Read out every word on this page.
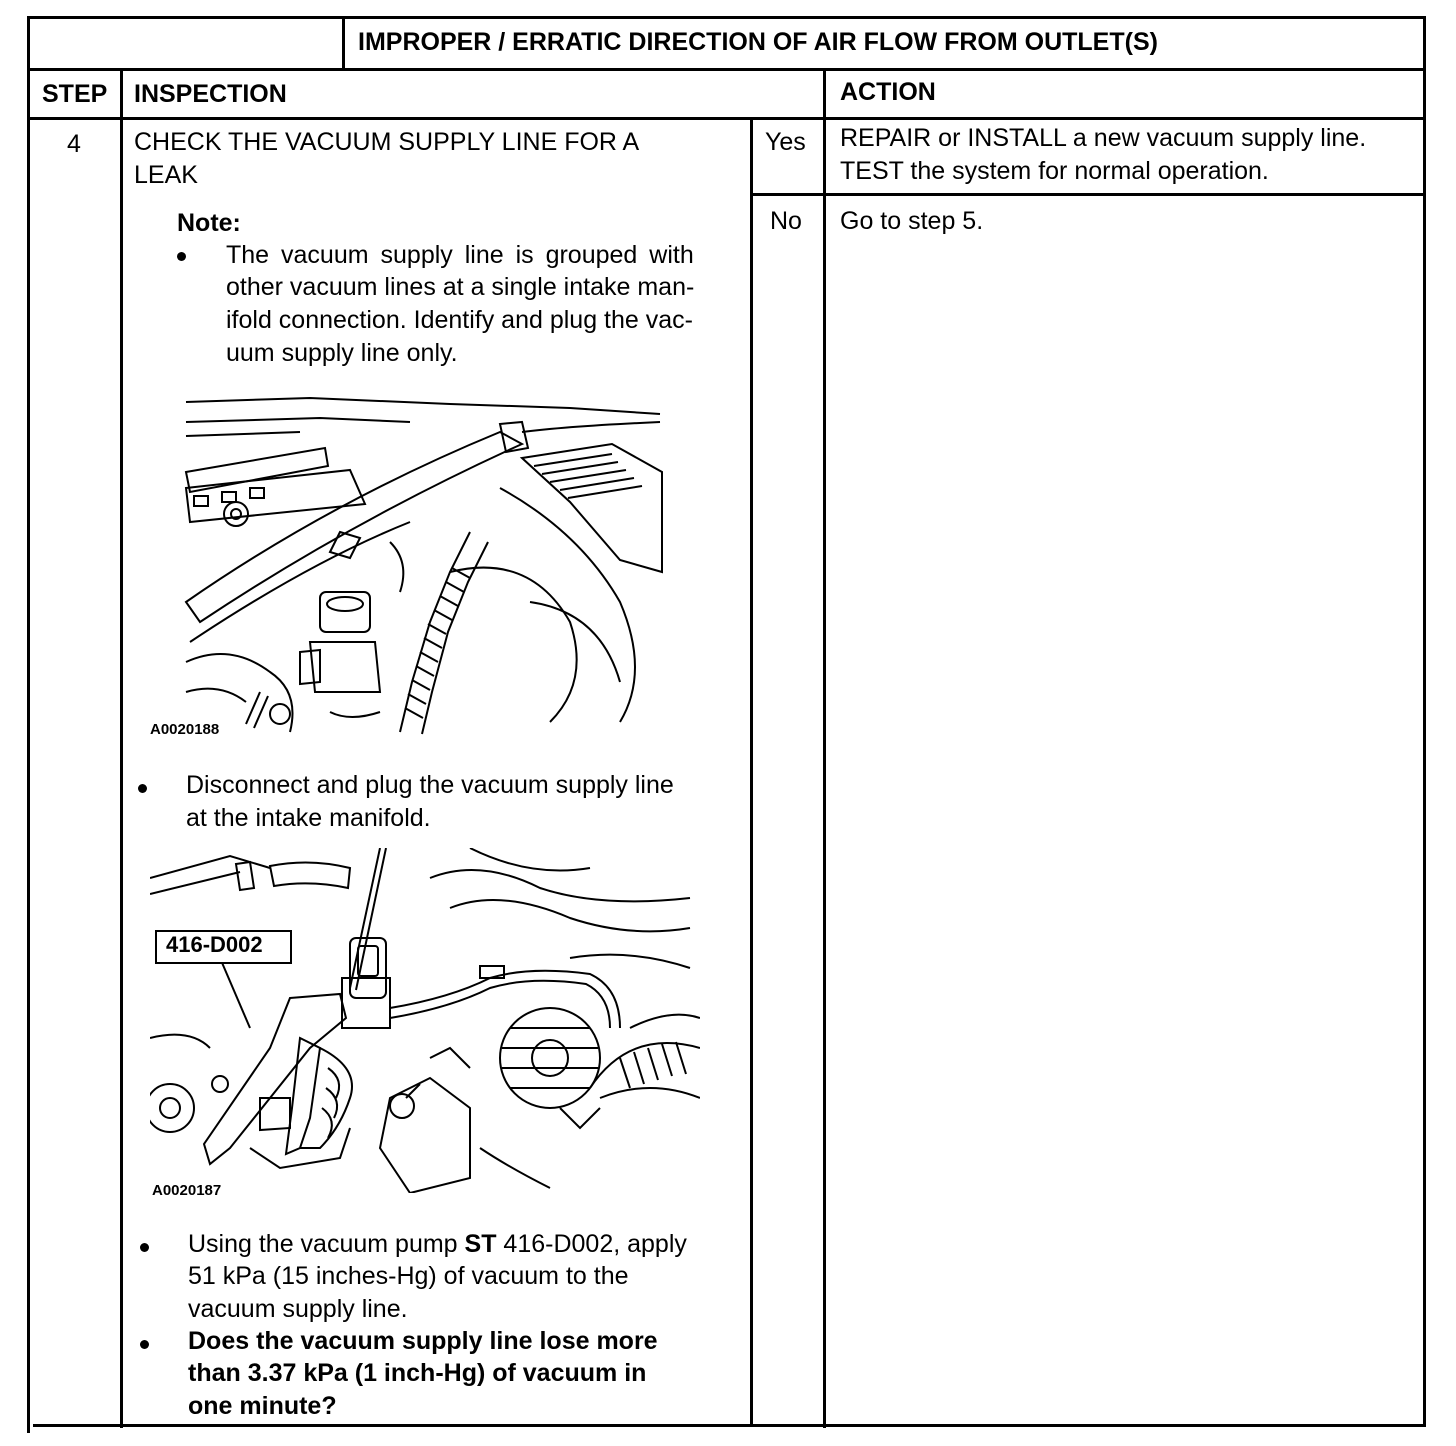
IMPROPER / ERRATIC DIRECTION OF AIR FLOW FROM OUTLET(S)
STEP INSPECTION	ACTION
4 CHECK THE VACUUM SUPPLY LINE FOR A
LEAK
Note:
The vacuum supply line is grouped with
other vacuum lines at a single intake man-
ifold connection. Identify and plug the vac-
uum supply line only.
A0020188
Disconnect and plug the vacuum supply line
at the intake manifold.
416-D002
A0020187
Using the vacuum pump ST 416-D002, apply
51 kPa (15 inches-Hg) of vacuum to the
vacuum supply line.
Does the vacuum supply line lose more
than 3.37 kPa (1 inch-Hg) of vacuum in
one minute?
Yes REPAIR or INSTALL a new vacuum supply line.
TEST the system for normal operation.
No Go to step 5.
